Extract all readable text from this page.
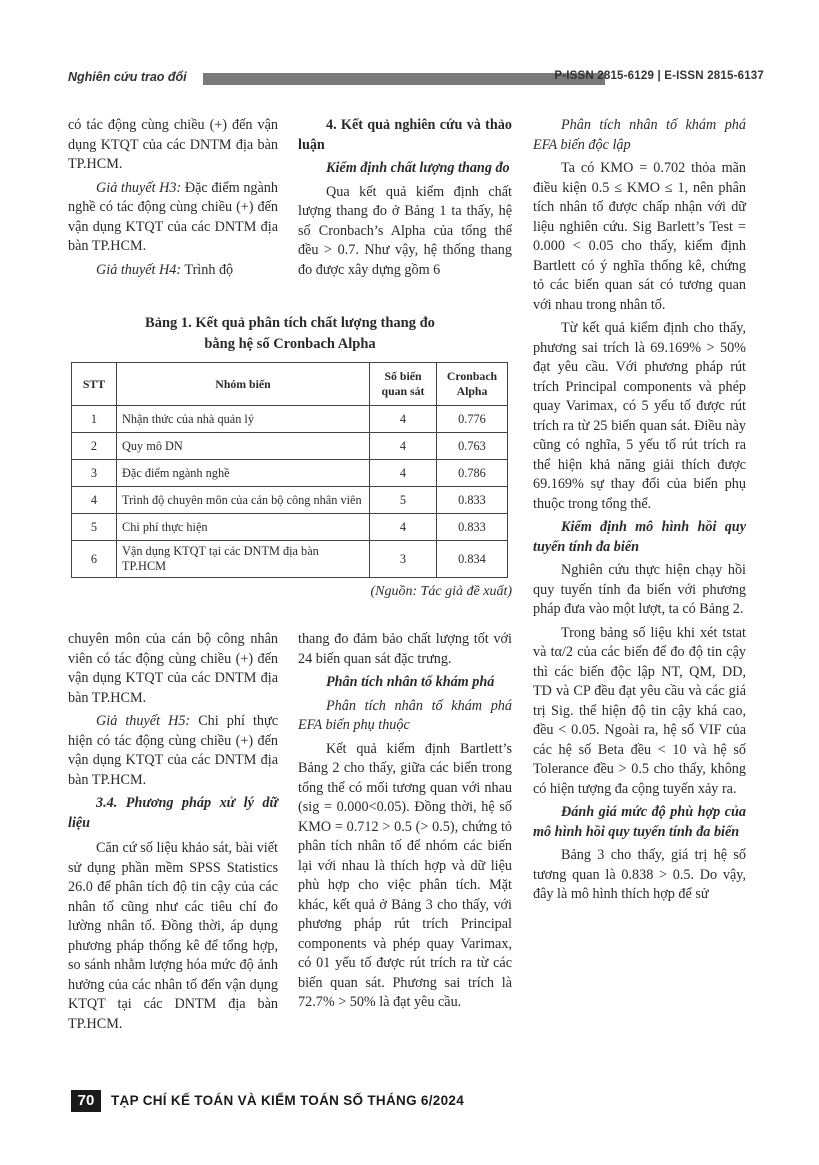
Nghiên cứu trao đổi	P-ISSN 2815-6129 | E-ISSN 2815-6137

có tác động cùng chiều (+) đến vận dụng KTQT của các DNTM địa bàn TP.HCM.

Giả thuyết H3: Đặc điểm ngành nghề có tác động cùng chiều (+) đến vận dụng KTQT của các DNTM địa bàn TP.HCM.

Giả thuyết H4: Trình độ

4. Kết quả nghiên cứu và thảo luận

Kiểm định chất lượng thang đo

Qua kết quả kiểm định chất lượng thang đo ở Bảng 1 ta thấy, hệ số Cronbach’s Alpha của tổng thể đều > 0.7. Như vậy, hệ thống thang đo được xây dựng gồm 6

Bảng 1. Kết quả phân tích chất lượng thang đo
bằng hệ số Cronbach Alpha
STT	Nhóm biến	Số biến quan sát	Cronbach Alpha
1	Nhận thức của nhà quản lý	4	0.776
2	Quy mô DN	4	0.763
3	Đặc điểm ngành nghề	4	0.786
4	Trình độ chuyên môn của cán bộ công nhân viên	5	0.833
5	Chi phí thực hiện	4	0.833
6	Vận dụng KTQT tại các DNTM địa bàn TP.HCM	3	0.834
(Nguồn: Tác giả đề xuất)

chuyên môn của cán bộ công nhân viên có tác động cùng chiều (+) đến vận dụng KTQT của các DNTM địa bàn TP.HCM.

Giả thuyết H5: Chi phí thực hiện có tác động cùng chiều (+) đến vận dụng KTQT của các DNTM địa bàn TP.HCM.

3.4. Phương pháp xử lý dữ liệu

Căn cứ số liệu khảo sát, bài viết sử dụng phần mềm SPSS Statistics 26.0 để phân tích độ tin cậy của các nhân tố cũng như các tiêu chí đo lường nhân tố. Đồng thời, áp dụng phương pháp thống kê để tổng hợp, so sánh nhằm lượng hóa mức độ ảnh hưởng của các nhân tố đến vận dụng KTQT tại các DNTM địa bàn TP.HCM.

thang đo đảm bảo chất lượng tốt với 24 biến quan sát đặc trưng.

Phân tích nhân tố khám phá

Phân tích nhân tố khám phá EFA biến phụ thuộc

Kết quả kiểm định Bartlett’s Bảng 2 cho thấy, giữa các biến trong tổng thể có mối tương quan với nhau (sig = 0.000<0.05). Đồng thời, hệ số KMO = 0.712 > 0.5 (> 0.5), chứng tỏ phân tích nhân tố để nhóm các biến lại với nhau là thích hợp và dữ liệu phù hợp cho việc phân tích. Mặt khác, kết quả ở Bảng 3 cho thấy, với phương pháp rút trích Principal components và phép quay Varimax, có 01 yếu tố được rút trích ra từ các biến quan sát. Phương sai trích là 72.7% > 50% là đạt yêu cầu.

Phân tích nhân tố khám phá EFA biến độc lập

Ta có KMO = 0.702 thỏa mãn điều kiện 0.5 ≤ KMO ≤ 1, nên phân tích nhân tố được chấp nhận với dữ liệu nghiên cứu. Sig Barlett’s Test = 0.000 < 0.05 cho thấy, kiểm định Bartlett có ý nghĩa thống kê, chứng tỏ các biến quan sát có tương quan với nhau trong nhân tố.

Từ kết quả kiểm định cho thấy, phương sai trích là 69.169% > 50% đạt yêu cầu. Với phương pháp rút trích Principal components và phép quay Varimax, có 5 yếu tố được rút trích ra từ 25 biến quan sát. Điều này cũng có nghĩa, 5 yếu tố rút trích ra thể hiện khả năng giải thích được 69.169% sự thay đổi của biến phụ thuộc trong tổng thể.

Kiểm định mô hình hồi quy tuyến tính đa biến

Nghiên cứu thực hiện chạy hồi quy tuyến tính đa biến với phương pháp đưa vào một lượt, ta có Bảng 2.

Trong bảng số liệu khi xét tstat và tα/2 của các biến để đo độ tin cậy thì các biến độc lập NT, QM, DD, TD và CP đều đạt yêu cầu và các giá trị Sig. thể hiện độ tin cậy khá cao, đều < 0.05. Ngoài ra, hệ số VIF của các hệ số Beta đều < 10 và hệ số Tolerance đều > 0.5 cho thấy, không có hiện tượng đa cộng tuyến xảy ra.

Đánh giá mức độ phù hợp của mô hình hồi quy tuyến tính đa biến

Bảng 3 cho thấy, giá trị hệ số tương quan là 0.838 > 0.5. Do vậy, đây là mô hình thích hợp để sử

70	TẠP CHÍ KẾ TOÁN VÀ KIỂM TOÁN SỐ THÁNG 6/2024
